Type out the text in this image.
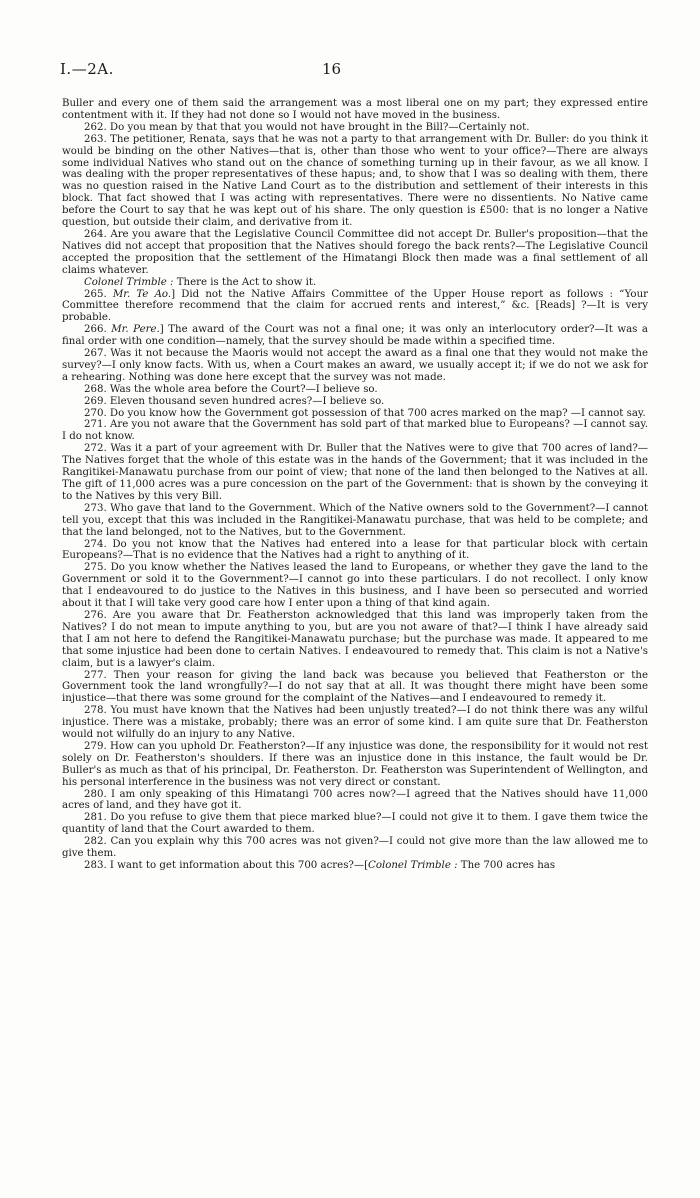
I.—2A.	16

Buller and every one of them said the arrangement was a most liberal one on my part; they expressed entire contentment with it. If they had not done so I would not have moved in the business.

262. Do you mean by that that you would not have brought in the Bill?—Certainly not.

263. The petitioner, Renata, says that he was not a party to that arrangement with Dr. Buller: do you think it would be binding on the other Natives—that is, other than those who went to your office?—There are always some individual Natives who stand out on the chance of something turning up in their favour, as we all know. I was dealing with the proper representatives of these hapus; and, to show that I was so dealing with them, there was no question raised in the Native Land Court as to the distribution and settlement of their interests in this block. That fact showed that I was acting with representatives. There were no dissentients. No Native came before the Court to say that he was kept out of his share. The only question is £500: that is no longer a Native question, but outside their claim, and derivative from it.

264. Are you aware that the Legislative Council Committee did not accept Dr. Buller's proposition—that the Natives did not accept that proposition that the Natives should forego the back rents?—The Legislative Council accepted the proposition that the settlement of the Himatangi Block then made was a final settlement of all claims whatever.

Colonel Trimble : There is the Act to show it.

265. Mr. Te Ao.] Did not the Native Affairs Committee of the Upper House report as follows : “Your Committee therefore recommend that the claim for accrued rents and interest,” &c. [Reads] ?—It is very probable.

266. Mr. Pere.] The award of the Court was not a final one; it was only an interlocutory order?—It was a final order with one condition—namely, that the survey should be made within a specified time.

267. Was it not because the Maoris would not accept the award as a final one that they would not make the survey?—I only know facts. With us, when a Court makes an award, we usually accept it; if we do not we ask for a rehearing. Nothing was done here except that the survey was not made.

268. Was the whole area before the Court?—I believe so.

269. Eleven thousand seven hundred acres?—I believe so.

270. Do you know how the Government got possession of that 700 acres marked on the map? —I cannot say.

271. Are you not aware that the Government has sold part of that marked blue to Europeans? —I cannot say. I do not know.

272. Was it a part of your agreement with Dr. Buller that the Natives were to give that 700 acres of land?—The Natives forget that the whole of this estate was in the hands of the Government; that it was included in the Rangitikei-Manawatu purchase from our point of view; that none of the land then belonged to the Natives at all. The gift of 11,000 acres was a pure concession on the part of the Government: that is shown by the conveying it to the Natives by this very Bill.

273. Who gave that land to the Government. Which of the Native owners sold to the Government?—I cannot tell you, except that this was included in the Rangitikei-Manawatu purchase, that was held to be complete; and that the land belonged, not to the Natives, but to the Government.

274. Do you not know that the Natives had entered into a lease for that particular block with certain Europeans?—That is no evidence that the Natives had a right to anything of it.

275. Do you know whether the Natives leased the land to Europeans, or whether they gave the land to the Government or sold it to the Government?—I cannot go into these particulars. I do not recollect. I only know that I endeavoured to do justice to the Natives in this business, and I have been so persecuted and worried about it that I will take very good care how I enter upon a thing of that kind again.

276. Are you aware that Dr. Featherston acknowledged that this land was improperly taken from the Natives? I do not mean to impute anything to you, but are you not aware of that?—I think I have already said that I am not here to defend the Rangitikei-Manawatu purchase; but the purchase was made. It appeared to me that some injustice had been done to certain Natives. I endeavoured to remedy that. This claim is not a Native's claim, but is a lawyer's claim.

277. Then your reason for giving the land back was because you believed that Featherston or the Government took the land wrongfully?—I do not say that at all. It was thought there might have been some injustice—that there was some ground for the complaint of the Natives—and I endeavoured to remedy it.

278. You must have known that the Natives had been unjustly treated?—I do not think there was any wilful injustice. There was a mistake, probably; there was an error of some kind. I am quite sure that Dr. Featherston would not wilfully do an injury to any Native.

279. How can you uphold Dr. Featherston?—If any injustice was done, the responsibility for it would not rest solely on Dr. Featherston's shoulders. If there was an injustice done in this instance, the fault would be Dr. Buller's as much as that of his principal, Dr. Featherston. Dr. Featherston was Superintendent of Wellington, and his personal interference in the business was not very direct or constant.

280. I am only speaking of this Himatangi 700 acres now?—I agreed that the Natives should have 11,000 acres of land, and they have got it.

281. Do you refuse to give them that piece marked blue?—I could not give it to them. I gave them twice the quantity of land that the Court awarded to them.

282. Can you explain why this 700 acres was not given?—I could not give more than the law allowed me to give them.

283. I want to get information about this 700 acres?—[Colonel Trimble : The 700 acres has
